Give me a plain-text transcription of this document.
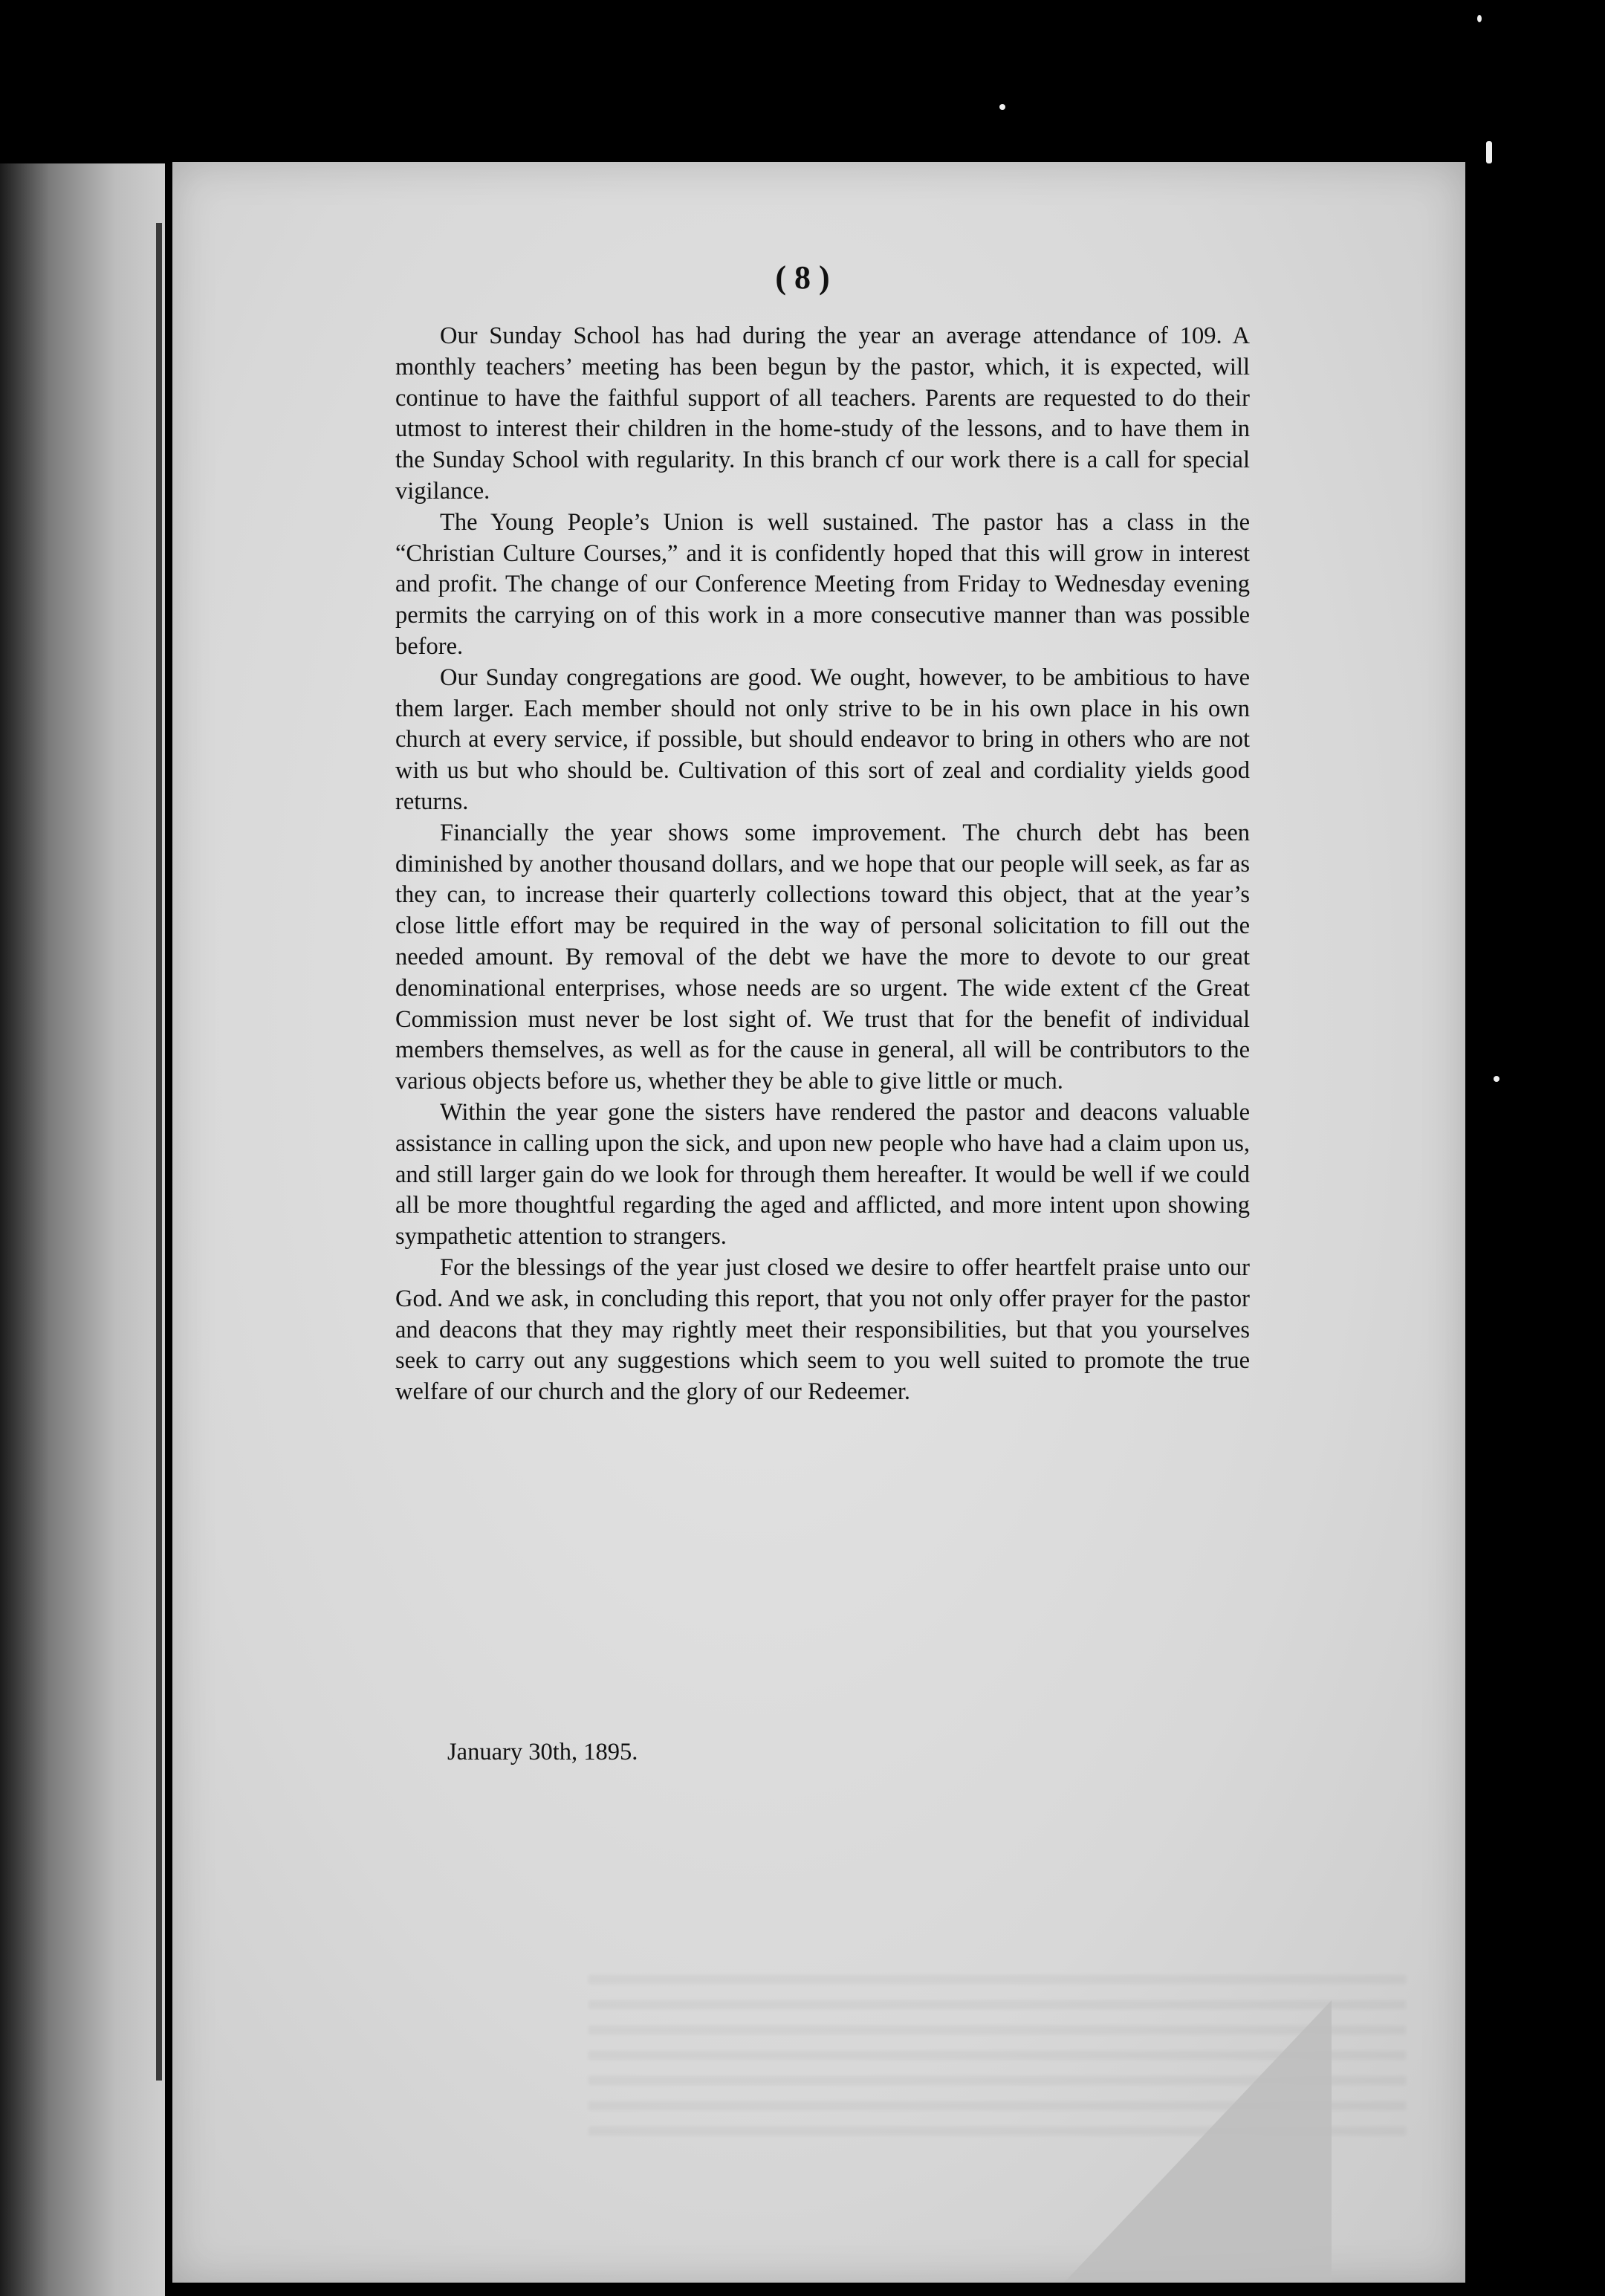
( 8 )

Our Sunday School has had during the year an average attendance of 109. A monthly teachers’ meeting has been begun by the pastor, which, it is expected, will continue to have the faithful support of all teachers. Parents are requested to do their utmost to interest their children in the home-study of the lessons, and to have them in the Sunday School with regularity. In this branch cf our work there is a call for special vigilance.

The Young People’s Union is well sustained. The pastor has a class in the “Christian Culture Courses,” and it is confidently hoped that this will grow in interest and profit. The change of our Conference Meeting from Friday to Wednesday evening permits the carrying on of this work in a more consecutive manner than was possible before.

Our Sunday congregations are good. We ought, however, to be ambitious to have them larger. Each member should not only strive to be in his own place in his own church at every service, if possible, but should endeavor to bring in others who are not with us but who should be. Cultivation of this sort of zeal and cordiality yields good returns.

Financially the year shows some improvement. The church debt has been diminished by another thousand dollars, and we hope that our people will seek, as far as they can, to increase their quarterly collections toward this object, that at the year’s close little effort may be required in the way of personal solicitation to fill out the needed amount. By removal of the debt we have the more to devote to our great denominational enterprises, whose needs are so urgent. The wide extent cf the Great Commission must never be lost sight of. We trust that for the benefit of individual members themselves, as well as for the cause in general, all will be contributors to the various objects before us, whether they be able to give little or much.

Within the year gone the sisters have rendered the pastor and deacons valuable assistance in calling upon the sick, and upon new people who have had a claim upon us, and still larger gain do we look for through them hereafter. It would be well if we could all be more thoughtful regarding the aged and afflicted, and more intent upon showing sympathetic attention to strangers.

For the blessings of the year just closed we desire to offer heartfelt praise unto our God. And we ask, in concluding this report, that you not only offer prayer for the pastor and deacons that they may rightly meet their responsibilities, but that you yourselves seek to carry out any suggestions which seem to you well suited to promote the true welfare of our church and the glory of our Redeemer.

January 30th, 1895.
